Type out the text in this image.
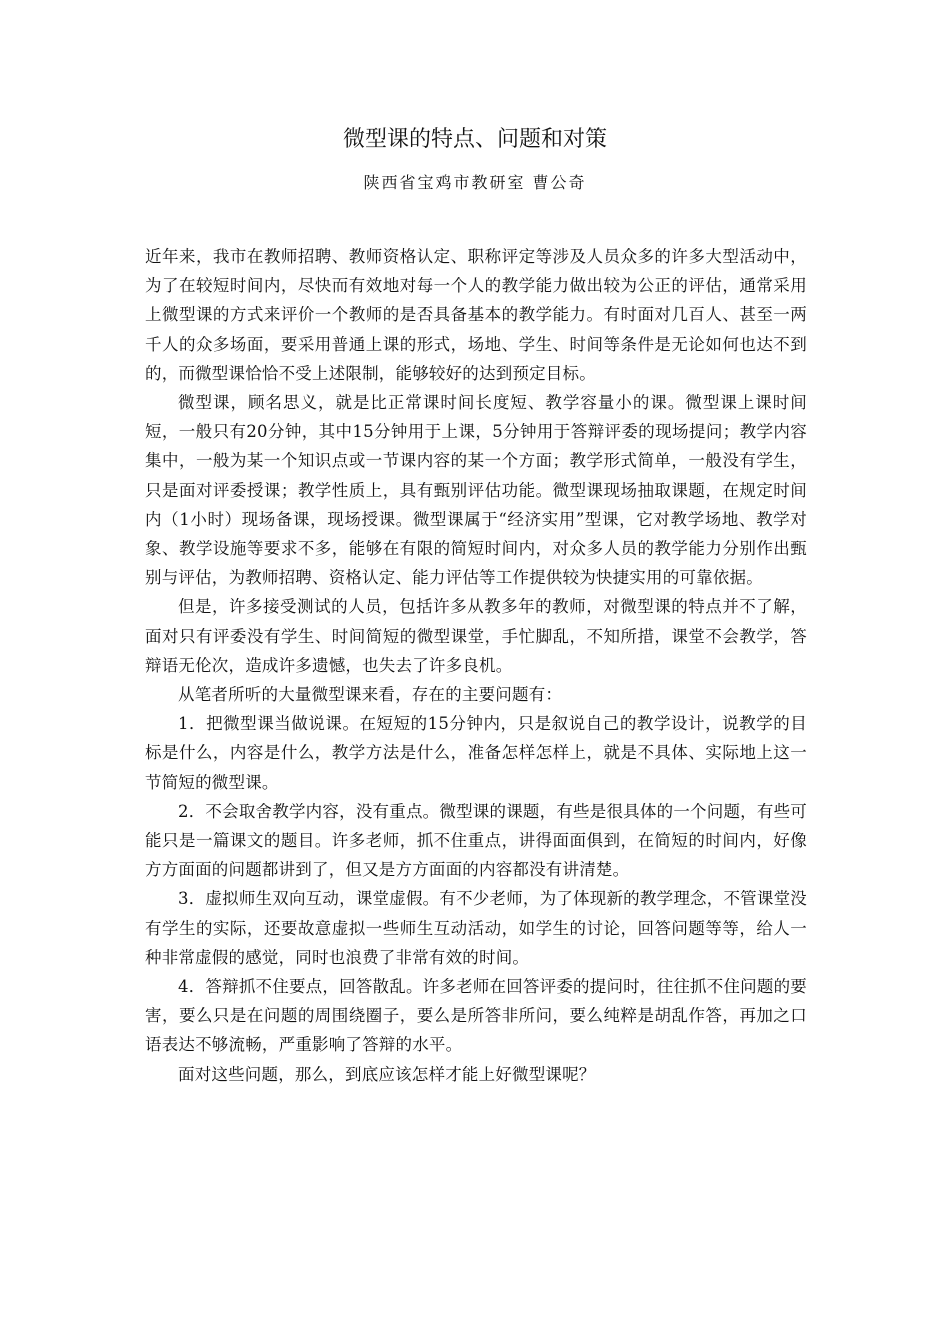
微型课的特点、问题和对策
陕西省宝鸡市教研室 曹公奇

近年来，我市在教师招聘、教师资格认定、职称评定等涉及人员众多的许多大型活动中，为了在较短时间内，尽快而有效地对每一个人的教学能力做出较为公正的评估，通常采用上微型课的方式来评价一个教师的是否具备基本的教学能力。有时面对几百人、甚至一两千人的众多场面，要采用普通上课的形式，场地、学生、时间等条件是无论如何也达不到的，而微型课恰恰不受上述限制，能够较好的达到预定目标。

微型课，顾名思义，就是比正常课时间长度短、教学容量小的课。微型课上课时间短，一般只有20分钟，其中15分钟用于上课，5分钟用于答辩评委的现场提问；教学内容集中，一般为某一个知识点或一节课内容的某一个方面；教学形式简单，一般没有学生，只是面对评委授课；教学性质上，具有甄别评估功能。微型课现场抽取课题，在规定时间内（1小时）现场备课，现场授课。微型课属于“经济实用”型课，它对教学场地、教学对象、教学设施等要求不多，能够在有限的简短时间内，对众多人员的教学能力分别作出甄别与评估，为教师招聘、资格认定、能力评估等工作提供较为快捷实用的可靠依据。

但是，许多接受测试的人员，包括许多从教多年的教师，对微型课的特点并不了解，面对只有评委没有学生、时间简短的微型课堂，手忙脚乱，不知所措，课堂不会教学，答辩语无伦次，造成许多遗憾，也失去了许多良机。

从笔者所听的大量微型课来看，存在的主要问题有：

1．把微型课当做说课。在短短的15分钟内，只是叙说自己的教学设计，说教学的目标是什么，内容是什么，教学方法是什么，准备怎样怎样上，就是不具体、实际地上这一节简短的微型课。

2．不会取舍教学内容，没有重点。微型课的课题，有些是很具体的一个问题，有些可能只是一篇课文的题目。许多老师，抓不住重点，讲得面面俱到，在简短的时间内，好像方方面面的问题都讲到了，但又是方方面面的内容都没有讲清楚。

3．虚拟师生双向互动，课堂虚假。有不少老师，为了体现新的教学理念，不管课堂没有学生的实际，还要故意虚拟一些师生互动活动，如学生的讨论，回答问题等等，给人一种非常虚假的感觉，同时也浪费了非常有效的时间。

4．答辩抓不住要点，回答散乱。许多老师在回答评委的提问时，往往抓不住问题的要害，要么只是在问题的周围绕圈子，要么是所答非所问，要么纯粹是胡乱作答，再加之口语表达不够流畅，严重影响了答辩的水平。

面对这些问题，那么，到底应该怎样才能上好微型课呢？
